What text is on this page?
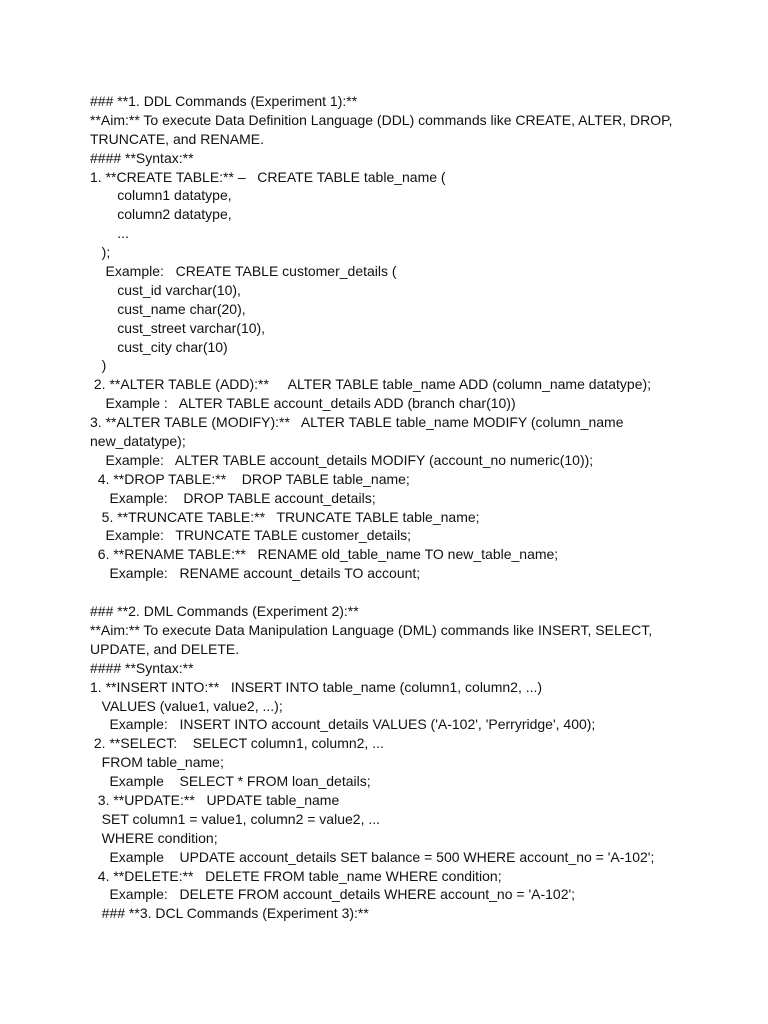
### **1. DDL Commands (Experiment 1):**

**Aim:** To execute Data Definition Language (DDL) commands like CREATE, ALTER, DROP,

TRUNCATE, and RENAME.

#### **Syntax:**

1. **CREATE TABLE:** –   CREATE TABLE table_name (

column1 datatype,

column2 datatype,

...

);

Example:   CREATE TABLE customer_details (

cust_id varchar(10),

cust_name char(20),

cust_street varchar(10),

cust_city char(10)

)

2. **ALTER TABLE (ADD):**     ALTER TABLE table_name ADD (column_name datatype);

Example :   ALTER TABLE account_details ADD (branch char(10))

3. **ALTER TABLE (MODIFY):**   ALTER TABLE table_name MODIFY (column_name

new_datatype);

Example:   ALTER TABLE account_details MODIFY (account_no numeric(10));

4. **DROP TABLE:**    DROP TABLE table_name;

Example:    DROP TABLE account_details;

5. **TRUNCATE TABLE:**   TRUNCATE TABLE table_name;

Example:   TRUNCATE TABLE customer_details;

6. **RENAME TABLE:**   RENAME old_table_name TO new_table_name;

Example:   RENAME account_details TO account;

### **2. DML Commands (Experiment 2):**

**Aim:** To execute Data Manipulation Language (DML) commands like INSERT, SELECT,

UPDATE, and DELETE.

#### **Syntax:**

1. **INSERT INTO:**   INSERT INTO table_name (column1, column2, ...)

VALUES (value1, value2, ...);

Example:   INSERT INTO account_details VALUES ('A-102', 'Perryridge', 400);

2. **SELECT:    SELECT column1, column2, ...

FROM table_name;

Example    SELECT * FROM loan_details;

3. **UPDATE:**   UPDATE table_name

SET column1 = value1, column2 = value2, ...

WHERE condition;

Example    UPDATE account_details SET balance = 500 WHERE account_no = 'A-102';

4. **DELETE:**   DELETE FROM table_name WHERE condition;

Example:   DELETE FROM account_details WHERE account_no = 'A-102';

### **3. DCL Commands (Experiment 3):**
